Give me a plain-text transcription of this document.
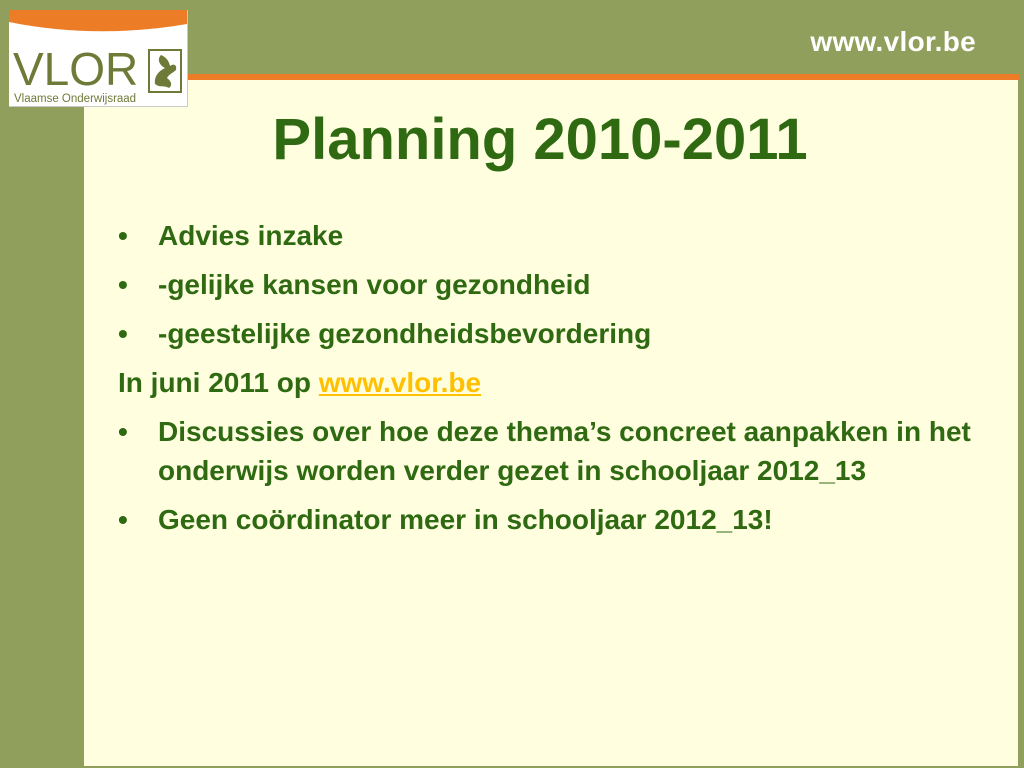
www.vlor.be
VLOR
Vlaamse Onderwijsraad
Planning 2010-2011
• Advies inzake
• -gelijke kansen voor gezondheid
• -geestelijke gezondheidsbevordering
In juni 2011 op www.vlor.be
• Discussies over hoe deze thema’s concreet aanpakken in het onderwijs worden verder gezet in schooljaar 2012_13
• Geen coördinator meer in schooljaar 2012_13!
